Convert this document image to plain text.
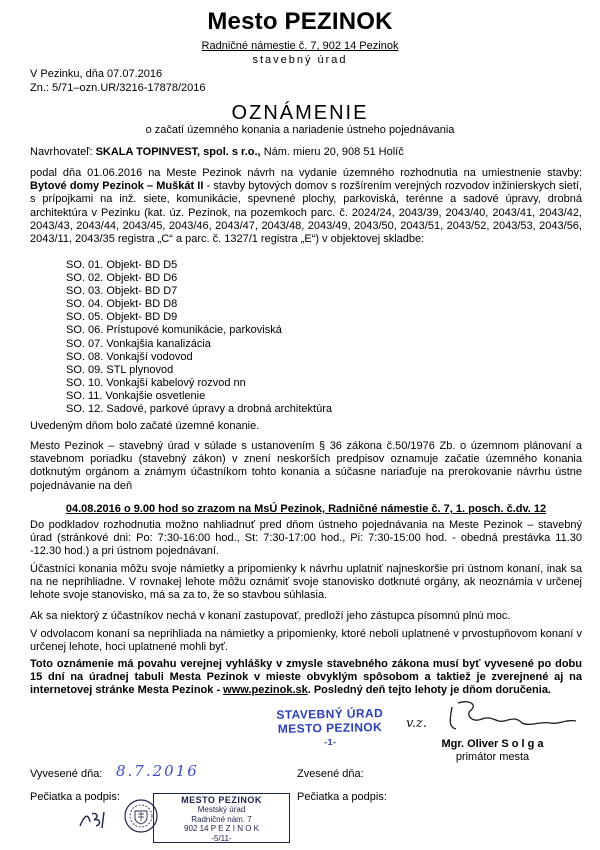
Mesto PEZINOK
Radničné námestie č. 7, 902 14 Pezinok
stavebný úrad
V Pezinku, dňa 07.07.2016
Zn.: 5/71–ozn.UR/3216-17878/2016
OZNÁMENIE
o začatí územného konania a nariadenie ústneho pojednávania
Navrhovateľ: SKALA TOPINVEST, spol. s r.o., Nám. mieru 20, 908 51 Holíč
podal dňa 01.06.2016 na Meste Pezinok návrh na vydanie územného rozhodnutia na umiestnenie stavby: Bytové domy Pezinok – Muškát II - stavby bytových domov s rozšírením verejných rozvodov inžinierskych sietí, s prípojkami na inž. siete, komunikácie, spevnené plochy, parkoviská, terénne a sadové úpravy, drobná architektúra v Pezinku (kat. úz. Pezinok, na pozemkoch parc. č. 2024/24, 2043/39, 2043/40, 2043/41, 2043/42, 2043/43, 2043/44, 2043/45, 2043/46, 2043/47, 2043/48, 2043/49, 2043/50, 2043/51, 2043/52, 2043/53, 2043/56, 2043/11, 2043/35 registra „C“ a parc. č. 1327/1 registra „E“) v objektovej skladbe:
SO. 01. Objekt- BD D5
SO. 02. Objekt- BD D6
SO. 03. Objekt- BD D7
SO. 04. Objekt- BD D8
SO. 05. Objekt- BD D9
SO. 06. Prístupové komunikácie, parkoviská
SO. 07. Vonkajšia kanalizácia
SO. 08. Vonkajší vodovod
SO. 09. STL plynovod
SO. 10. Vonkajší kabelový rozvod nn
SO. 11. Vonkajšie osvetlenie
SO. 12. Sadové, parkové úpravy a drobná architektúra
Uvedeným dňom bolo začaté územné konanie.
Mesto Pezinok – stavebný úrad v súlade s ustanovením § 36 zákona č.50/1976 Zb. o územnom plánovaní a stavebnom poriadku (stavebný zákon) v znení neskorších predpisov oznamuje začatie územného konania dotknutým orgánom a známym účastníkom tohto konania a súčasne nariaďuje na prerokovanie návrhu ústne pojednávanie na deň
04.08.2016 o 9.00 hod so zrazom na MsÚ Pezinok, Radničné námestie č. 7, 1. posch. č.dv. 12
Do podkladov rozhodnutia možno nahliadnuť pred dňom ústneho pojednávania na Meste Pezinok – stavebný úrad (stránkové dni: Po: 7:30-16:00 hod., St: 7:30-17:00 hod., Pi: 7:30-15:00 hod. - obedná prestávka 11.30 -12.30 hod.) a pri ústnom pojednávaní.
Účastníci konania môžu svoje námietky a pripomienky k návrhu uplatniť najneskoršie pri ústnom konaní, inak sa na ne neprihliadne. V rovnakej lehote môžu oznámiť svoje stanovisko dotknuté orgány, ak neoznámia v určenej lehote svoje stanovisko, má sa za to, že so stavbou súhlasia.
Ak sa niektorý z účastníkov nechá v konaní zastupovať, predloží jeho zástupca písomnú plnú moc.
V odvolacom konaní sa neprihliada na námietky a pripomienky, ktoré neboli uplatnené v prvostupňovom konaní v určenej lehote, hoci uplatnené mohli byť.
Toto oznámenie má povahu verejnej vyhlášky v zmysle stavebného zákona musí byť vyvesené po dobu 15 dní na úradnej tabuli Mesta Pezinok v mieste obvyklým spôsobom a taktiež je zverejnené aj na internetovej stránke Mesta Pezinok - www.pezinok.sk. Posledný deň tejto lehoty je dňom doručenia.
STAVEBNÝ ÚRAD
MESTO PEZINOK
-1-
v.z.
Mgr. Oliver S o l g a
primátor mesta
Vyvesené dňa: 8.7.2016	Zvesené dňa:
Pečiatka a podpis:	Pečiatka a podpis:
MESTO PEZINOK
Mestský úrad
Radničné nám. 7
902 14 P E Z I N O K
-5/11-
